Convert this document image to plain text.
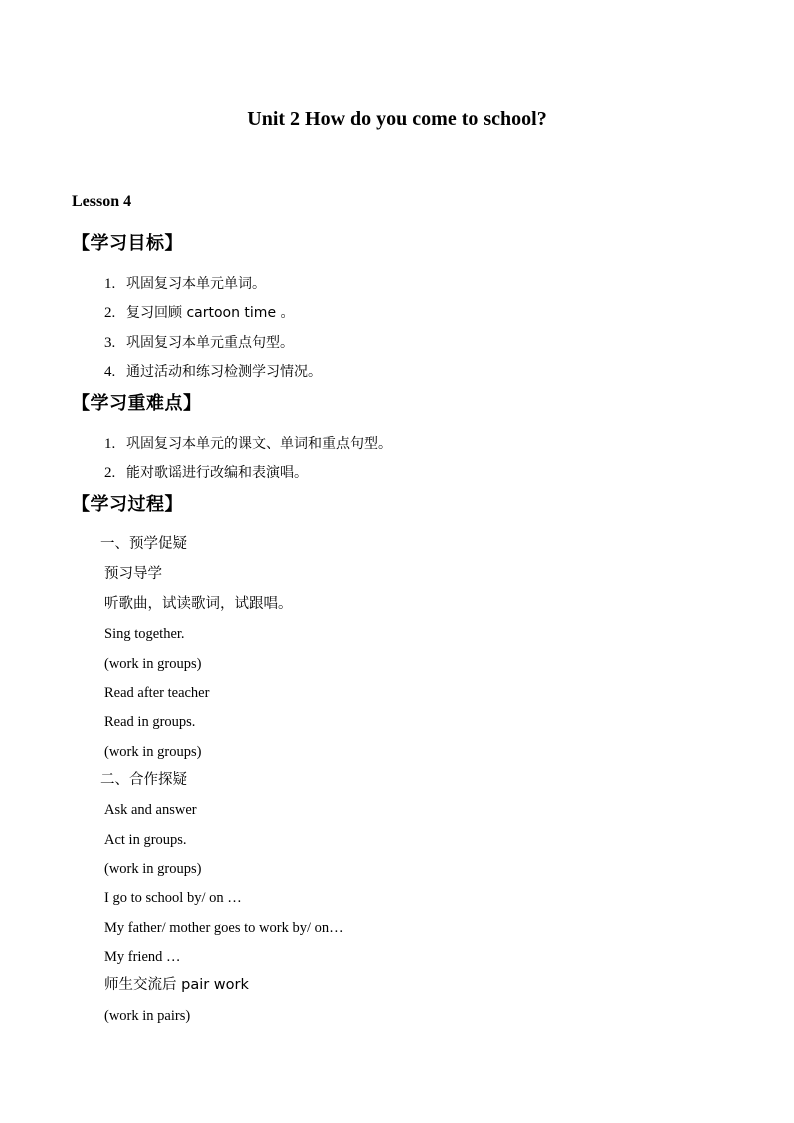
Unit 2 How do you come to school?
Lesson 4
【学习目标】
1. 巩固复习本单元单词。
2. 复习回顾 cartoon time 。
3. 巩固复习本单元重点句型。
4. 通过活动和练习检测学习情况。
【学习重难点】
1. 巩固复习本单元的课文、单词和重点句型。
2. 能对歌谣进行改编和表演唱。
【学习过程】
一、预学促疑
预习导学
听歌曲，试读歌词，试跟唱。
Sing together.
(work in groups)
Read after teacher
Read in groups.
(work in groups)
二、合作探疑
Ask and answer
Act in groups.
(work in groups)
I go to school by/ on …
My father/ mother goes to work by/ on…
My friend …
师生交流后 pair work
(work in pairs)
